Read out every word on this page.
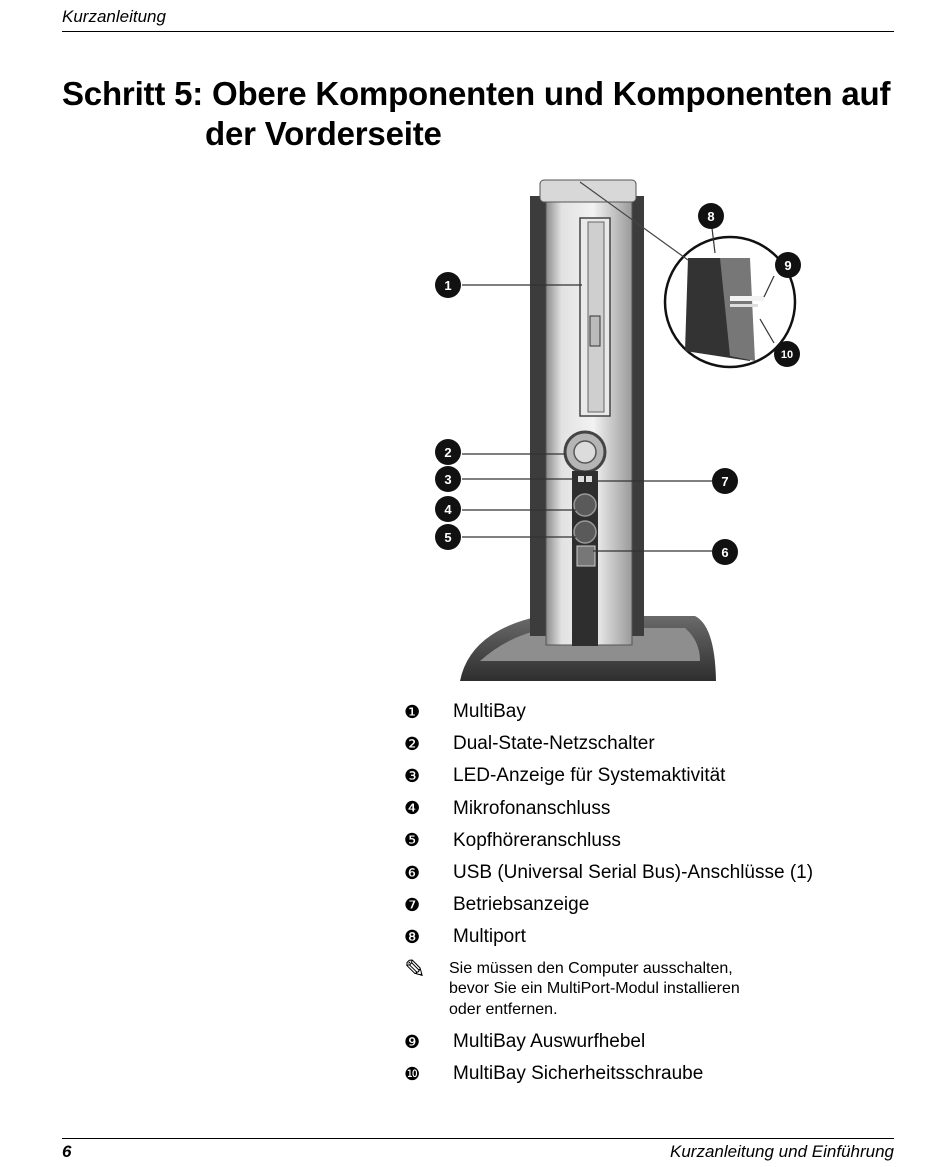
Kurzanleitung
Schritt 5: Obere Komponenten und Komponenten auf
der Vorderseite
1
2
3
4
5
6
7
8
9
10
❶	MultiBay
❷	Dual-State-Netzschalter
❸	LED-Anzeige für Systemaktivität
❹	Mikrofonanschluss
❺	Kopfhöreranschluss
❻	USB (Universal Serial Bus)-Anschlüsse (1)
❼	Betriebsanzeige
❽	Multiport
✎	Sie müssen den Computer ausschalten,
bevor Sie ein MultiPort-Modul installieren
oder entfernen.
❾	MultiBay Auswurfhebel
❿	MultiBay Sicherheitsschraube
6	Kurzanleitung und Einführung
